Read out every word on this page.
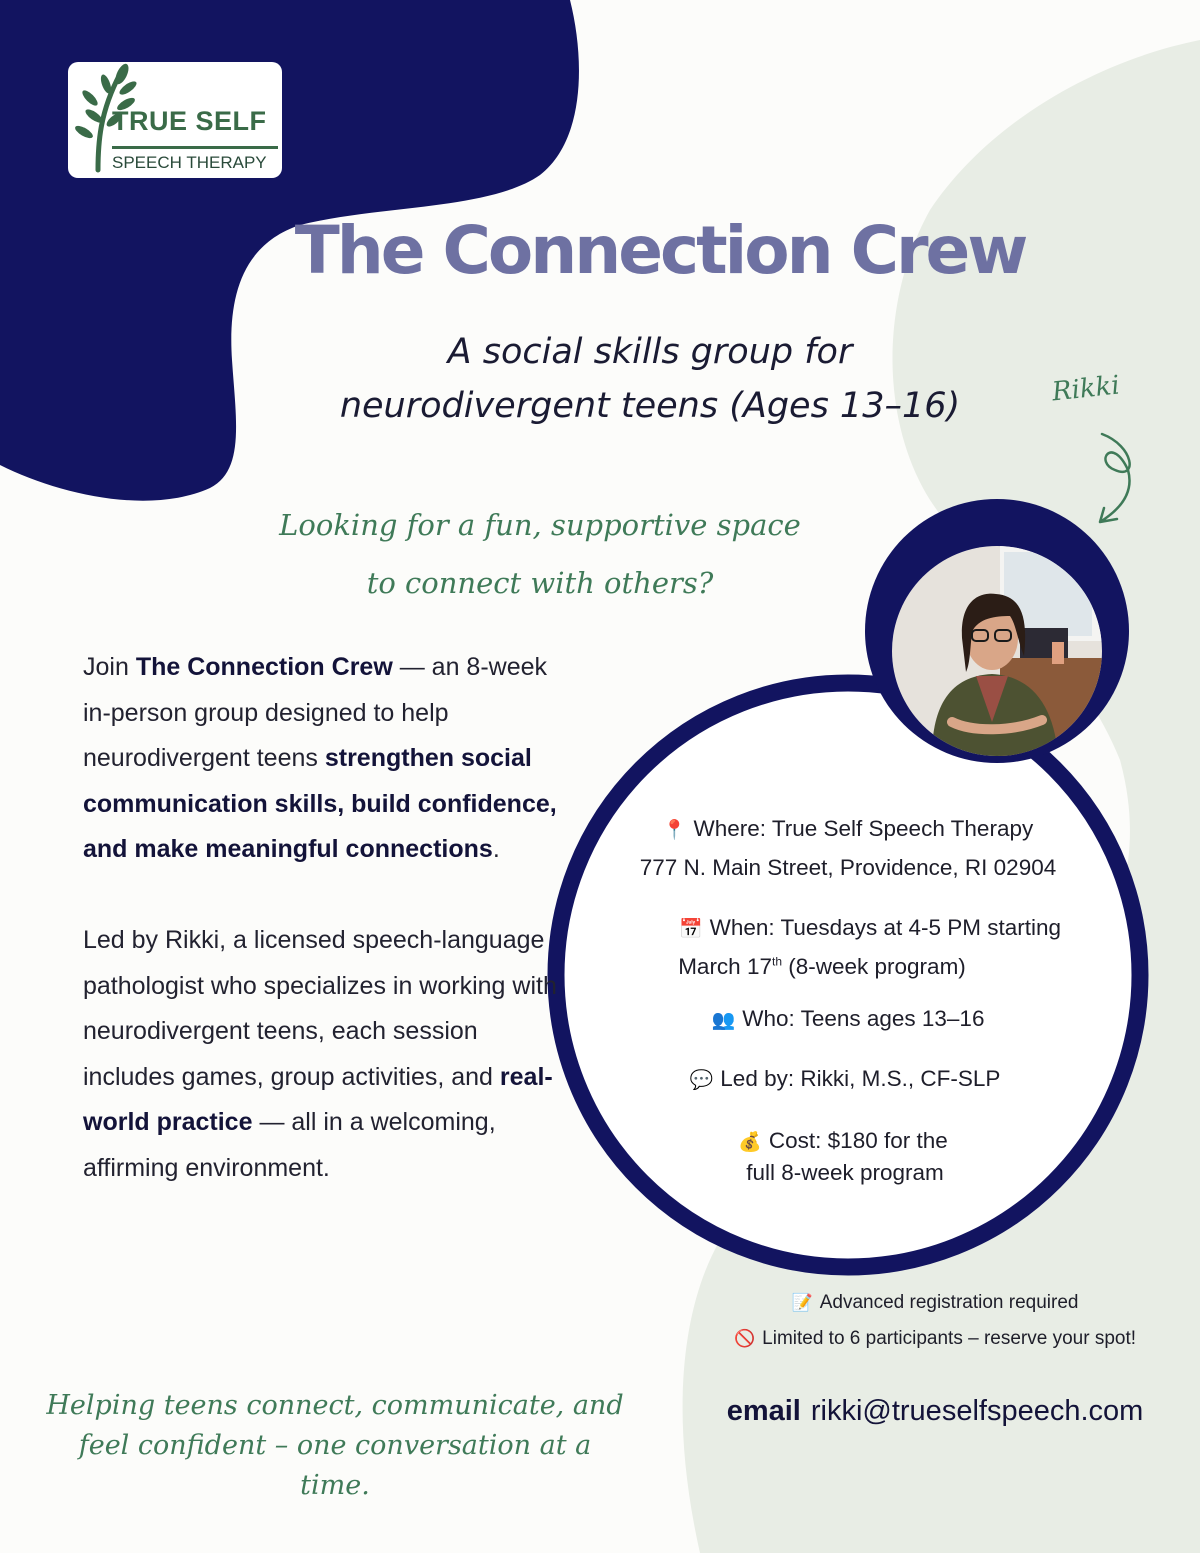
TRUE SELF
SPEECH THERAPY
The Connection Crew
A social skills group for
neurodivergent teens (Ages 13–16)	Rikki
Looking for a fun, supportive space
to connect with others?

Join The Connection Crew — an 8-week in-person group designed to help neurodivergent teens strengthen social communication skills, build confidence, and make meaningful connections.

Led by Rikki, a licensed speech-language pathologist who specializes in working with neurodivergent teens, each session includes games, group activities, and real-world practice — all in a welcoming, affirming environment.

Helping teens connect, communicate, and
feel confident – one conversation at a time.
📍 Where: True Self Speech Therapy
777 N. Main Street, Providence, RI 02904
📅 When: Tuesdays at 4-5 PM starting
March 17th (8-week program)
👥 Who: Teens ages 13–16
💬 Led by: Rikki, M.S., CF-SLP
💰 Cost: $180 for the
full 8-week program
📝 Advanced registration required
🚫 Limited to 6 participants – reserve your spot!
email rikki@trueselfspeech.com
